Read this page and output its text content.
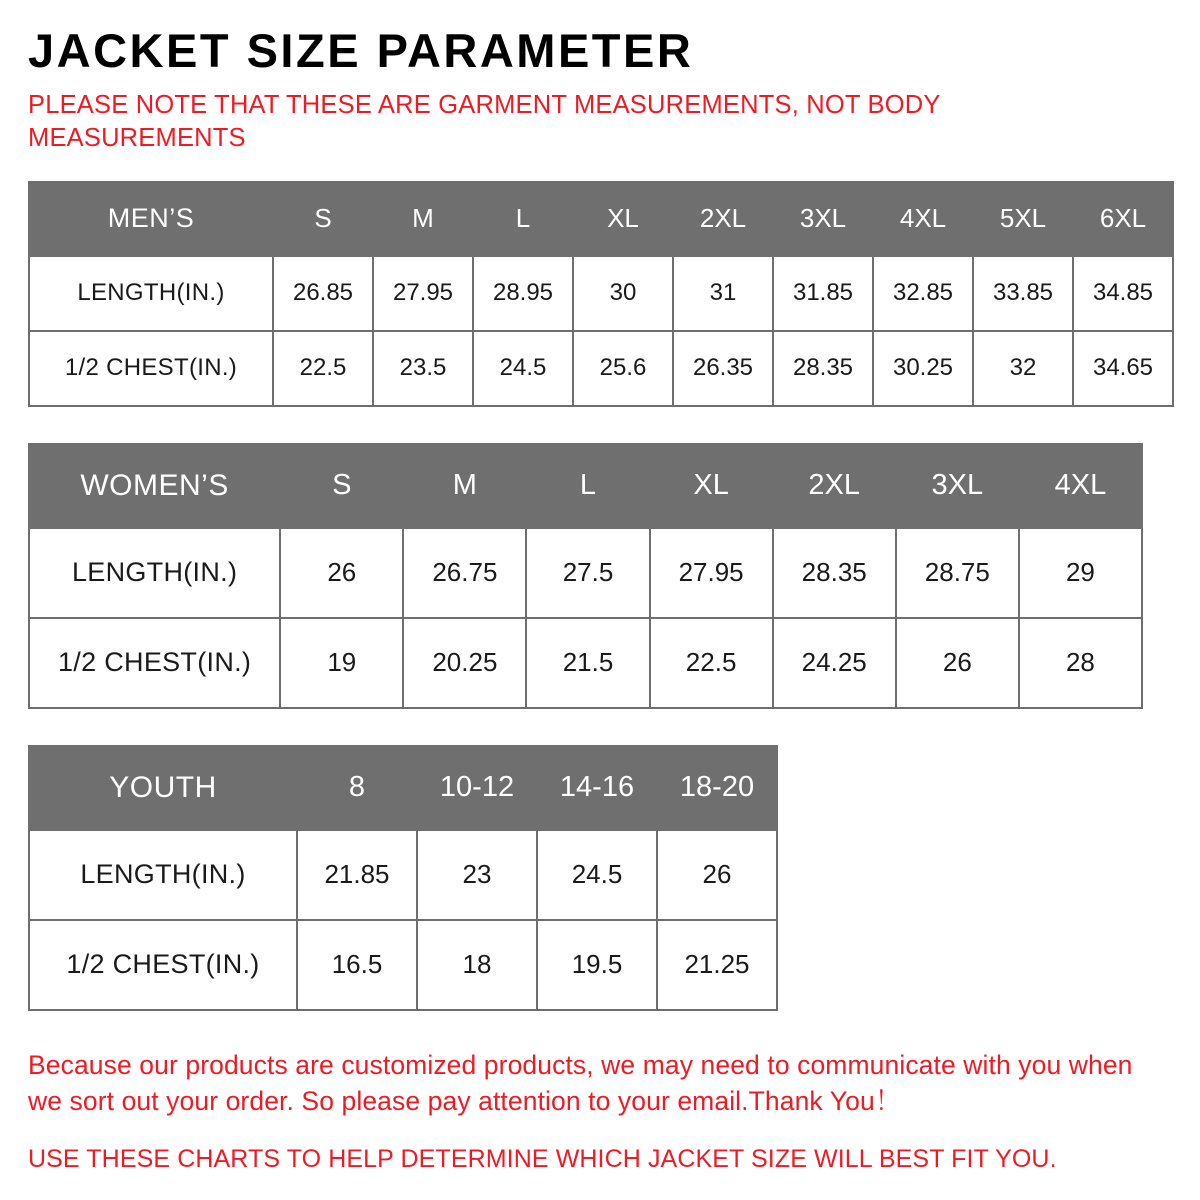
JACKET SIZE PARAMETER

PLEASE NOTE THAT THESE ARE GARMENT MEASUREMENTS, NOT BODY MEASUREMENTS

MEN’S	S	M	L	XL	2XL	3XL	4XL	5XL	6XL
LENGTH(IN.)	26.85	27.95	28.95	30	31	31.85	32.85	33.85	34.85
1/2 CHEST(IN.)	22.5	23.5	24.5	25.6	26.35	28.35	30.25	32	34.65
WOMEN’S	S	M	L	XL	2XL	3XL	4XL
LENGTH(IN.)	26	26.75	27.5	27.95	28.35	28.75	29
1/2 CHEST(IN.)	19	20.25	21.5	22.5	24.25	26	28
YOUTH	8	10-12	14-16	18-20
LENGTH(IN.)	21.85	23	24.5	26
1/2 CHEST(IN.)	16.5	18	19.5	21.25

Because our products are customized products, we may need to communicate with you when we sort out your order. So please pay attention to your email.Thank You！

USE THESE CHARTS TO HELP DETERMINE WHICH JACKET SIZE WILL BEST FIT YOU.
